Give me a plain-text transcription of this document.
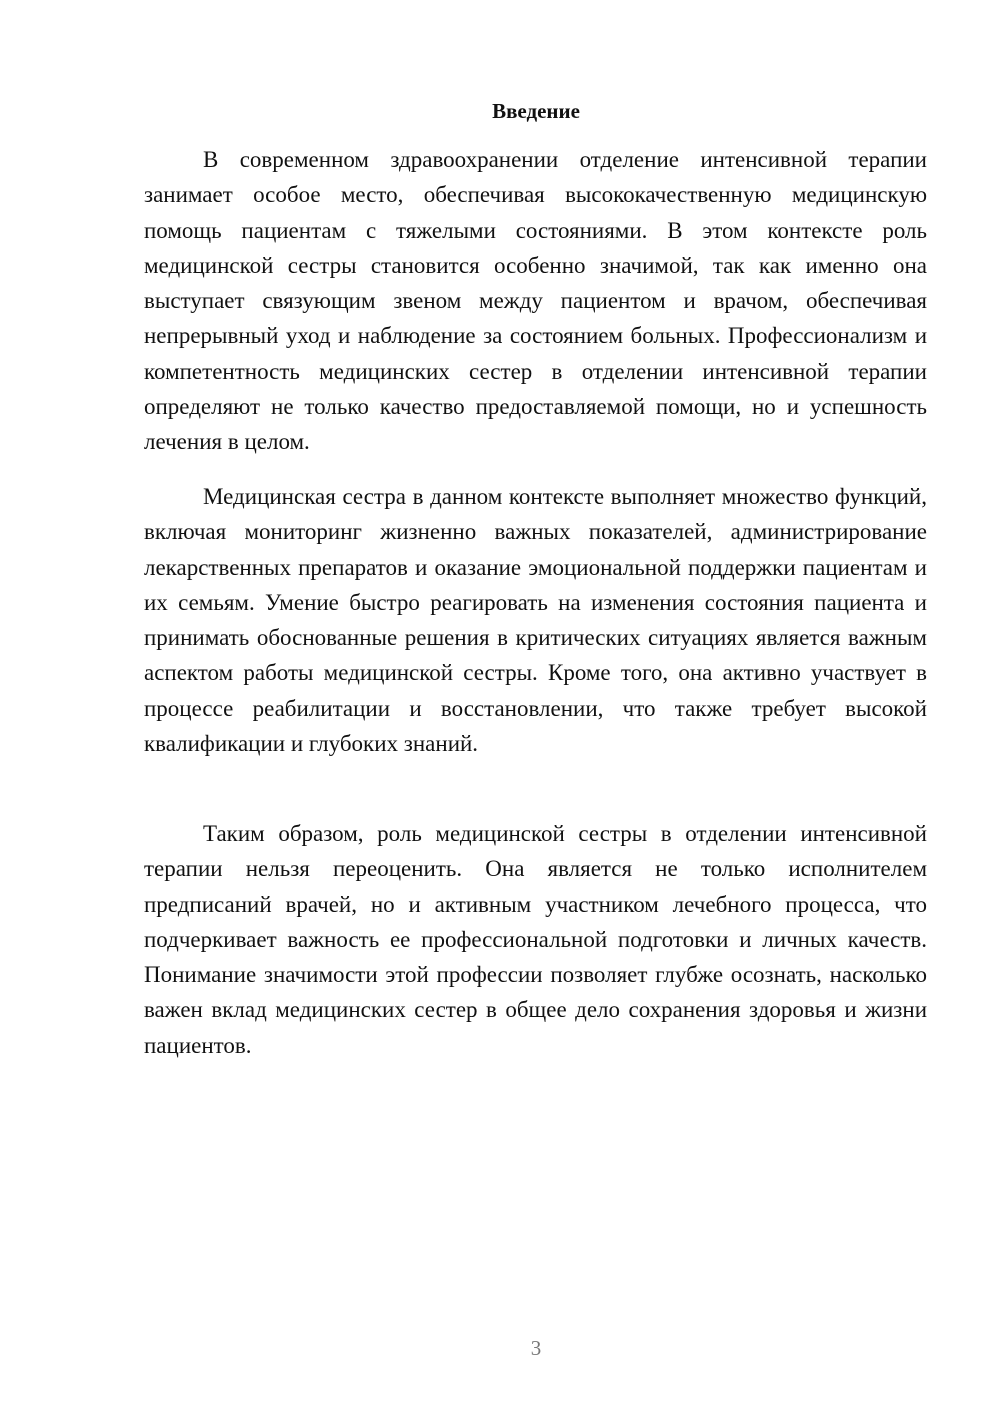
Введение

В современном здравоохранении отделение интенсивной терапии занимает особое место, обеспечивая высококачественную медицинскую помощь пациентам с тяжелыми состояниями. В этом контексте роль медицинской сестры становится особенно значимой, так как именно она выступает связующим звеном между пациентом и врачом, обеспечивая непрерывный уход и наблюдение за состоянием больных. Профессионализм и компетентность медицинских сестер в отделении интенсивной терапии определяют не только качество предоставляемой помощи, но и успешность лечения в целом.

Медицинская сестра в данном контексте выполняет множество функций, включая мониторинг жизненно важных показателей, администрирование лекарственных препаратов и оказание эмоциональной поддержки пациентам и их семьям. Умение быстро реагировать на изменения состояния пациента и принимать обоснованные решения в критических ситуациях является важным аспектом работы медицинской сестры. Кроме того, она активно участвует в процессе реабилитации и восстановлении, что также требует высокой квалификации и глубоких знаний.

Таким образом, роль медицинской сестры в отделении интенсивной терапии нельзя переоценить. Она является не только исполнителем предписаний врачей, но и активным участником лечебного процесса, что подчеркивает важность ее профессиональной подготовки и личных качеств. Понимание значимости этой профессии позволяет глубже осознать, насколько важен вклад медицинских сестер в общее дело сохранения здоровья и жизни пациентов.

3
